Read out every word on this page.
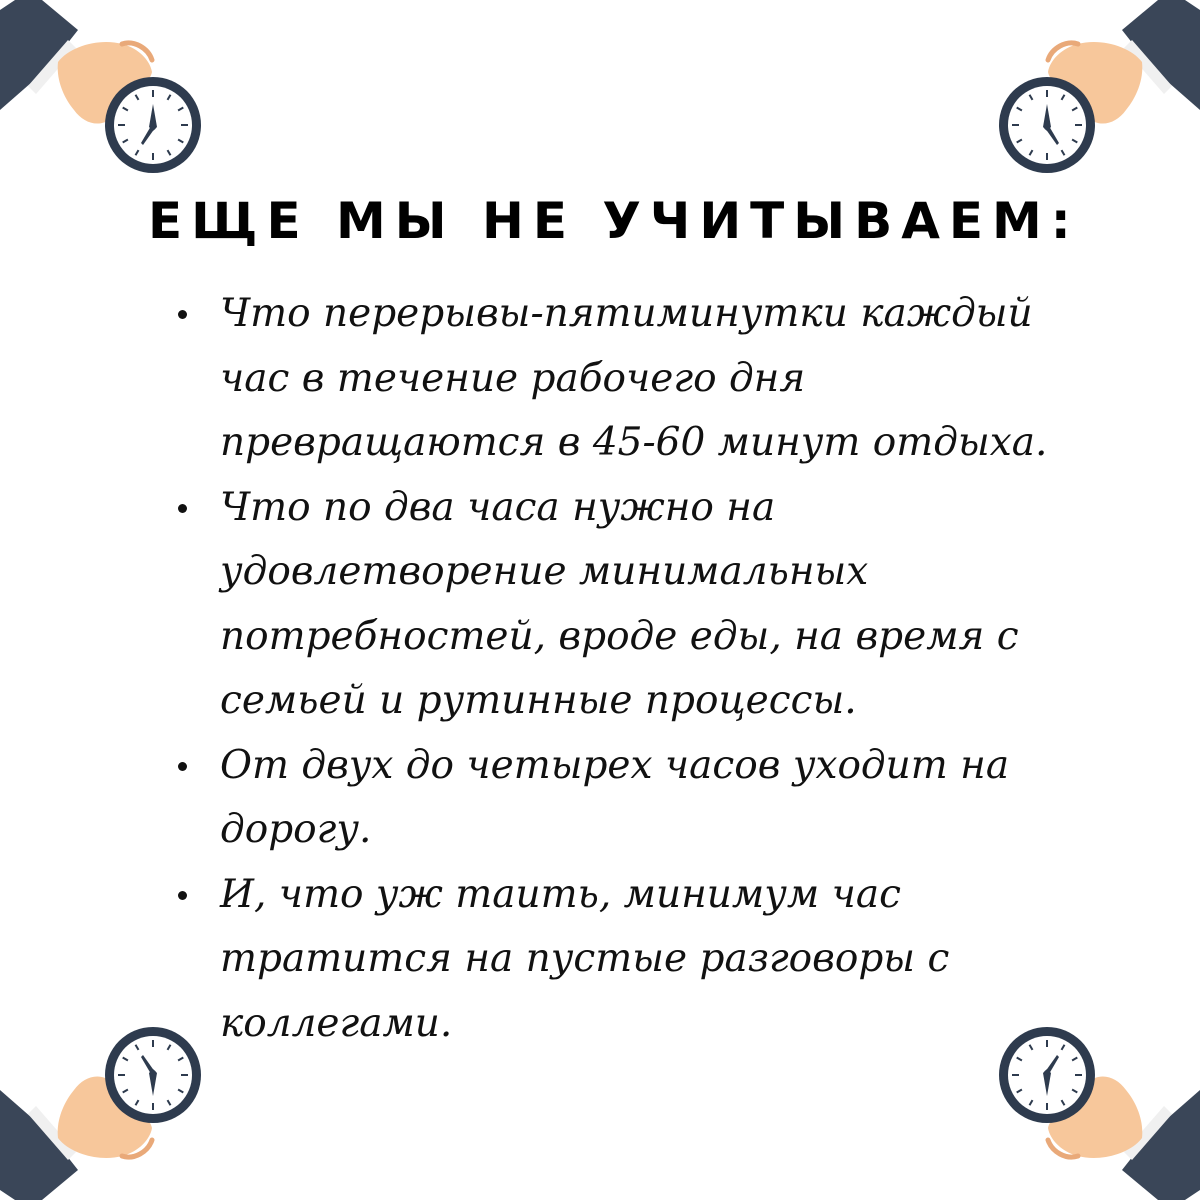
ЕЩЕ МЫ НЕ УЧИТЫВАЕМ:
Что перерывы-пятиминутки каждый час в течение рабочего дня превращаются в 45-60 минут отдыха.
Что по два часа нужно на удовлетворение минимальных потребностей, вроде еды, на время с семьей и рутинные процессы.
От двух до четырех часов уходит на дорогу.
И, что уж таить, минимум час тратится на пустые разговоры с коллегами.
